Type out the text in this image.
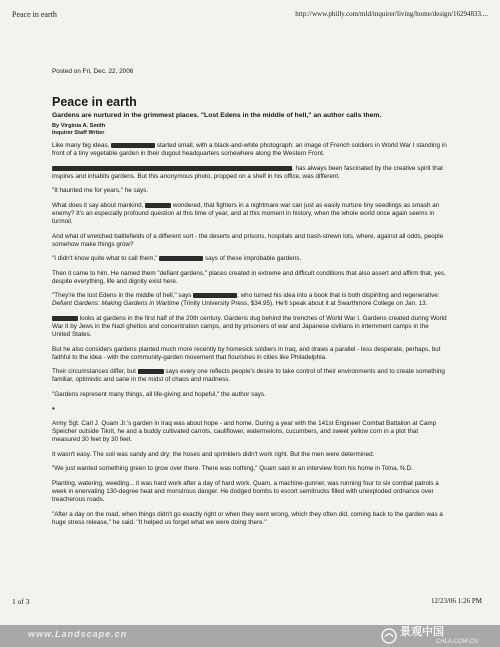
Peace in earth	http://www.philly.com/mld/inquirer/living/home/design/16294833....
Posted on Fri, Dec. 22, 2006
Peace in earth
Gardens are nurtured in the grimmest places. "Lost Edens in the middle of hell," an author calls them.
By Virginia A. Smith
Inquirer Staff Writer

Like many big ideas,	started small, with a black-and-white photograph: an image of French soldiers in World War I standing in front of a tiny vegetable garden in their dugout headquarters somewhere along the Western Front.

, has always been fascinated by the creative spirit that inspires and inhabits gardens. But this anonymous photo, propped on a shelf in his office, was different.

"It haunted me for years," he says.

What does it say about mankind,	wondered, that fighters in a nightmare war can just as easily nurture tiny seedlings as smash an enemy? It's an especially profound question at this time of year, and at this moment in history, when the whole world once again seems in turmoil.

And what of wretched battlefields of a different sort - the deserts and prisons, hospitals and trash-strewn lots, where, against all odds, people somehow make things grow?

"I didn't know quite what to call them,"	says of these improbable gardens.

Then it came to him. He named them "defiant gardens," places created in extreme and difficult conditions that also assert and affirm that, yes, despite everything, life and dignity exist here.

"They're the lost Edens in the middle of hell," says	, who turned his idea into a book that is both dispiriting and regenerative: Defiant Gardens: Making Gardens in Wartime (Trinity University Press, $34.95). He'll speak about it at Swarthmore College on Jan. 13.

looks at gardens in the first half of the 20th century. Gardens dug behind the trenches of World War I. Gardens created during World War II by Jews in the Nazi ghettos and concentration camps, and by prisoners of war and Japanese civilians in internment camps in the United States.

But he also considers gardens planted much more recently by homesick soldiers in Iraq, and draws a parallel - less desperate, perhaps, but faithful to the idea - with the community-garden movement that flourishes in cities like Philadelphia.

Their circumstances differ, but	says every one reflects people's desire to take control of their environments and to create something familiar, optimistic and sane in the midst of chaos and madness.

"Gardens represent many things, all life-giving and hopeful," the author says.

•

Army Sgt. Carl J. Quam Jr.'s garden in Iraq was about hope - and home. During a year with the 141st Engineer Combat Battalion at Camp Speicher outside Tikrit, he and a buddy cultivated carrots, cauliflower, watermelons, cucumbers, and sweet yellow corn in a plot that measured 30 feet by 30 feet.

It wasn't easy. The soil was sandy and dry; the hoses and sprinklers didn't work right. But the men were determined.

"We just wanted something green to grow over there. There was nothing," Quam said in an interview from his home in Tolna, N.D.

Planting, watering, weeding... it was hard work after a day of hard work. Quam, a machine-gunner, was running four to six combat patrols a week in enervating 130-degree heat and monstrous danger. He dodged bombs to escort semitrucks filled with unexploded ordnance over treacherous roads.

"After a day on the road, when things didn't go exactly right or when they went wrong, which they often did, coming back to the garden was a huge stress release," he said. "It helped us forget what we were doing there."

1 of 3	12/23/06 1:26 PM
www.Landscape.cn	景观中国
CHLA.COM.CN
